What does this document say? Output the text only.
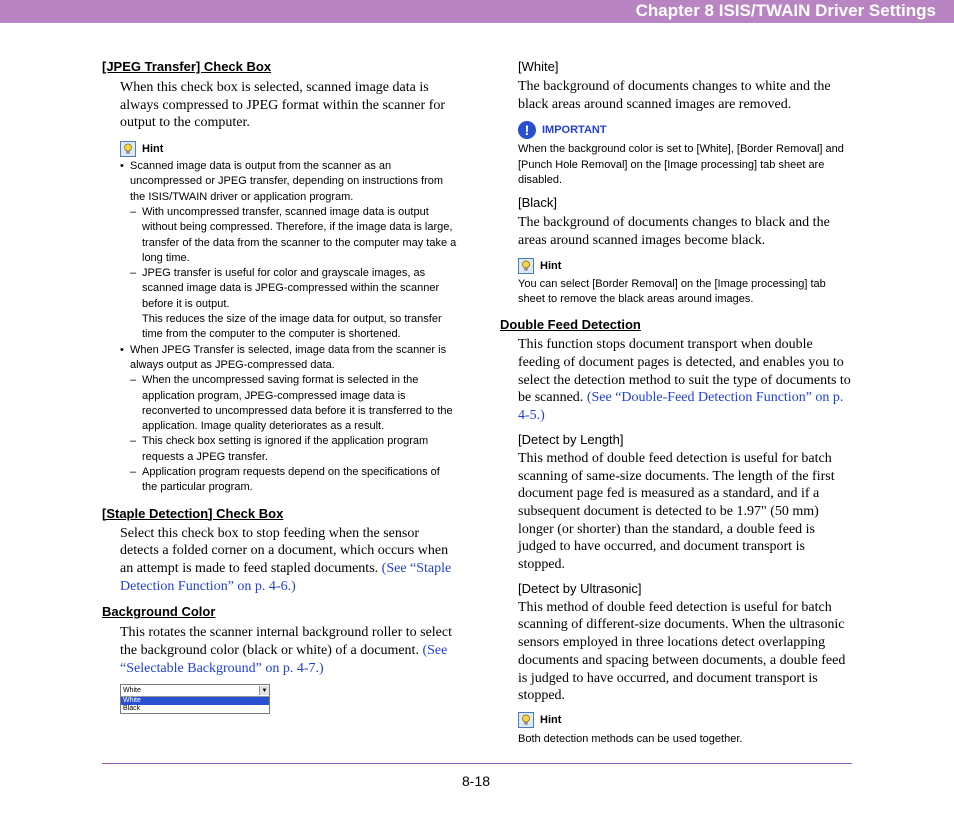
Chapter 8 ISIS/TWAIN Driver Settings
[JPEG Transfer] Check Box
When this check box is selected, scanned image data is always compressed to JPEG format within the scanner for output to the computer.
Hint
• Scanned image data is output from the scanner as an uncompressed or JPEG transfer, depending on instructions from the ISIS/TWAIN driver or application program.
– With uncompressed transfer, scanned image data is output without being compressed. Therefore, if the image data is large, transfer of the data from the scanner to the computer may take a long time.
– JPEG transfer is useful for color and grayscale images, as scanned image data is JPEG-compressed within the scanner before it is output.
This reduces the size of the image data for output, so transfer time from the computer to the computer is shortened.
• When JPEG Transfer is selected, image data from the scanner is always output as JPEG-compressed data.
– When the uncompressed saving format is selected in the application program, JPEG-compressed image data is reconverted to uncompressed data before it is transferred to the application. Image quality deteriorates as a result.
– This check box setting is ignored if the application program requests a JPEG transfer.
– Application program requests depend on the specifications of the particular program.
[Staple Detection] Check Box
Select this check box to stop feeding when the sensor detects a folded corner on a document, which occurs when an attempt is made to feed stapled documents. (See “Staple Detection Function” on p. 4-6.)
Background Color
This rotates the scanner internal background roller to select the background color (black or white) of a document. (See “Selectable Background” on p. 4-7.)
White	▼
White
Black
[White]
The background of documents changes to white and the black areas around scanned images are removed.
!	IMPORTANT
When the background color is set to [White], [Border Removal] and [Punch Hole Removal] on the [Image processing] tab sheet are disabled.
[Black]
The background of documents changes to black and the areas around scanned images become black.
Hint
You can select [Border Removal] on the [Image processing] tab sheet to remove the black areas around images.
Double Feed Detection
This function stops document transport when double feeding of document pages is detected, and enables you to select the detection method to suit the type of documents to be scanned. (See “Double-Feed Detection Function” on p. 4-5.)
[Detect by Length]
This method of double feed detection is useful for batch scanning of same-size documents. The length of the first document page fed is measured as a standard, and if a subsequent document is detected to be 1.97" (50 mm) longer (or shorter) than the standard, a double feed is judged to have occurred, and document transport is stopped.
[Detect by Ultrasonic]
This method of double feed detection is useful for batch scanning of different-size documents. When the ultrasonic sensors employed in three locations detect overlapping documents and spacing between documents, a double feed is judged to have occurred, and document transport is stopped.
Hint
Both detection methods can be used together.
8-18
